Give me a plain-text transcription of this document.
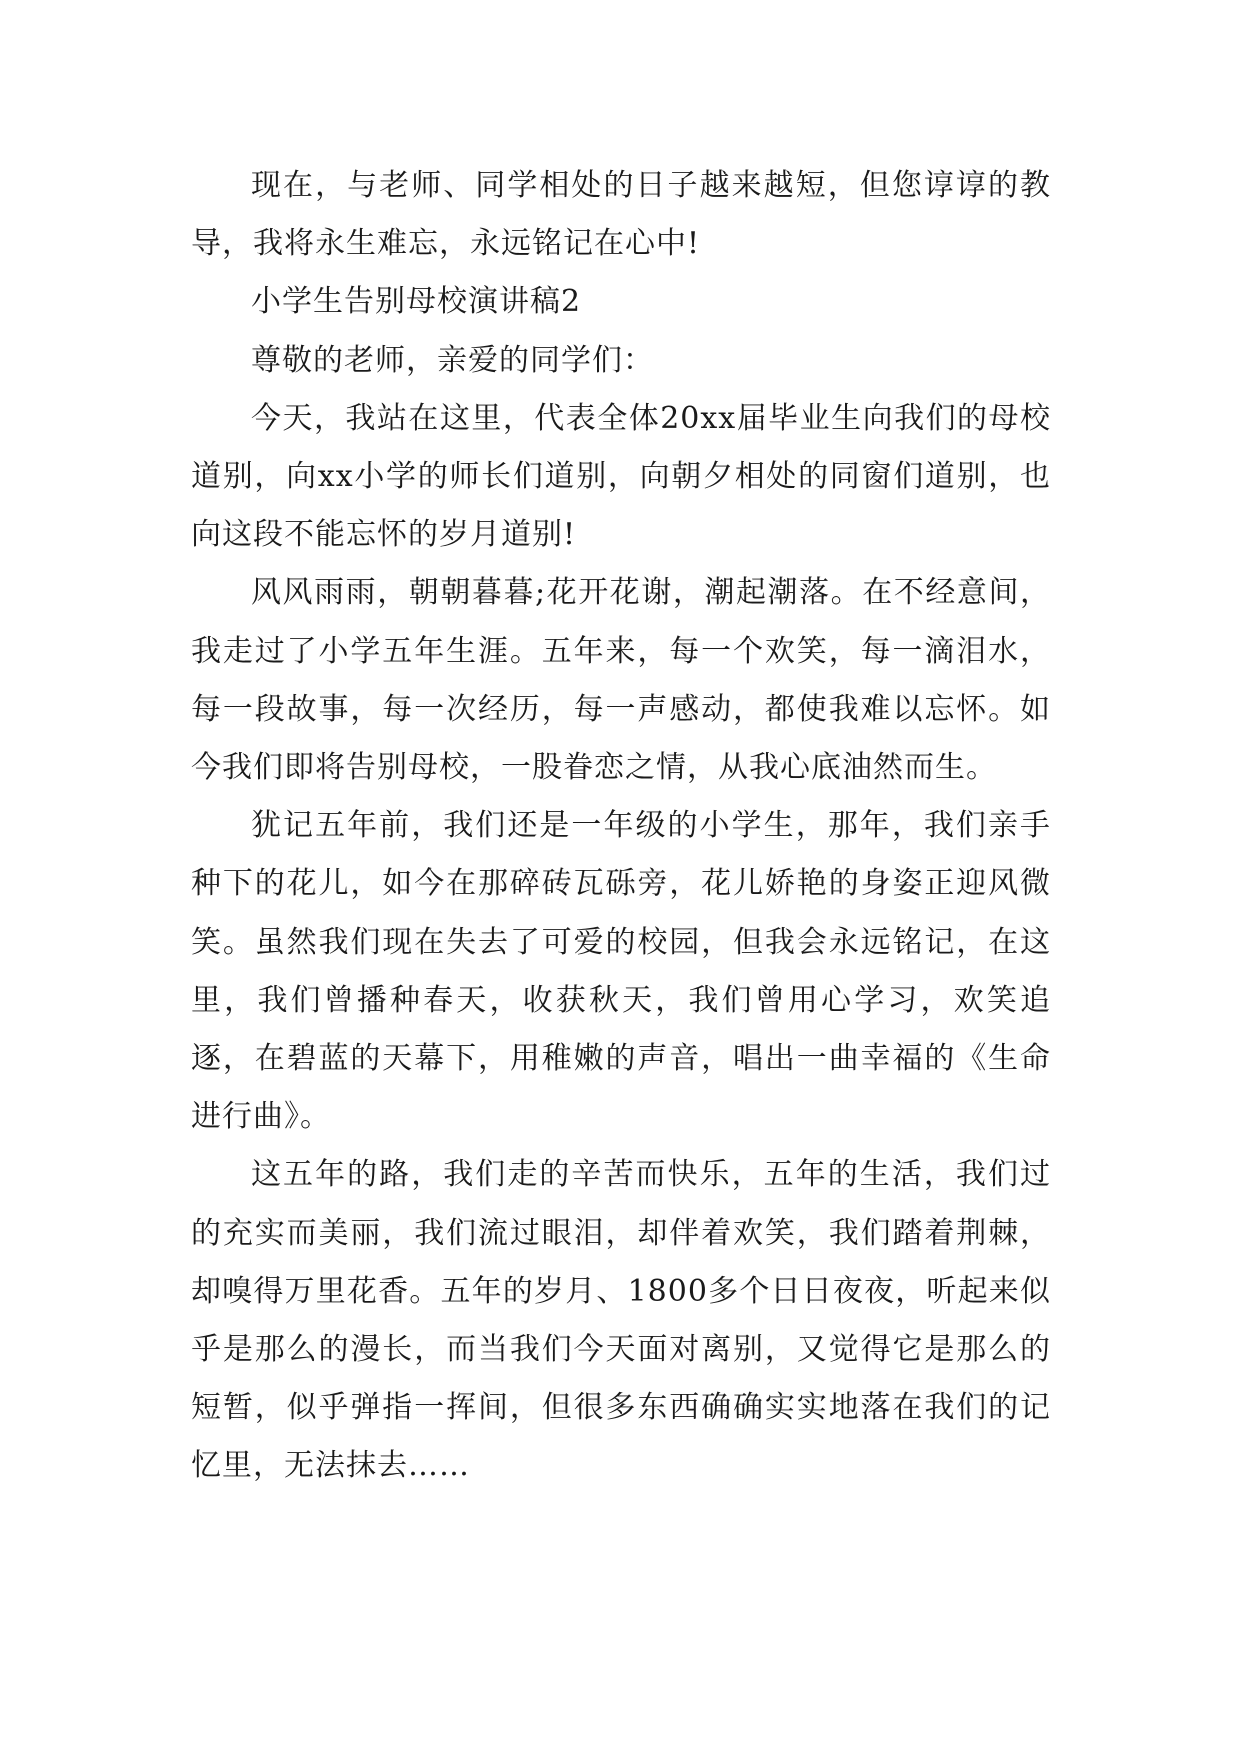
现在，与老师、同学相处的日子越来越短，但您谆谆的教导，我将永生难忘，永远铭记在心中!

小学生告别母校演讲稿2

尊敬的老师，亲爱的同学们：

今天，我站在这里，代表全体20xx届毕业生向我们的母校道别，向xx小学的师长们道别，向朝夕相处的同窗们道别，也向这段不能忘怀的岁月道别!

风风雨雨，朝朝暮暮;花开花谢，潮起潮落。在不经意间，我走过了小学五年生涯。五年来，每一个欢笑，每一滴泪水，每一段故事，每一次经历，每一声感动，都使我难以忘怀。如今我们即将告别母校，一股眷恋之情，从我心底油然而生。

犹记五年前，我们还是一年级的小学生，那年，我们亲手种下的花儿，如今在那碎砖瓦砾旁，花儿娇艳的身姿正迎风微笑。虽然我们现在失去了可爱的校园，但我会永远铭记，在这里，我们曾播种春天，收获秋天，我们曾用心学习，欢笑追逐，在碧蓝的天幕下，用稚嫩的声音，唱出一曲幸福的《生命进行曲》。

这五年的路，我们走的辛苦而快乐，五年的生活，我们过的充实而美丽，我们流过眼泪，却伴着欢笑，我们踏着荆棘，却嗅得万里花香。五年的岁月、1800多个日日夜夜，听起来似乎是那么的漫长，而当我们今天面对离别，又觉得它是那么的短暂，似乎弹指一挥间，但很多东西确确实实地落在我们的记忆里，无法抹去……
